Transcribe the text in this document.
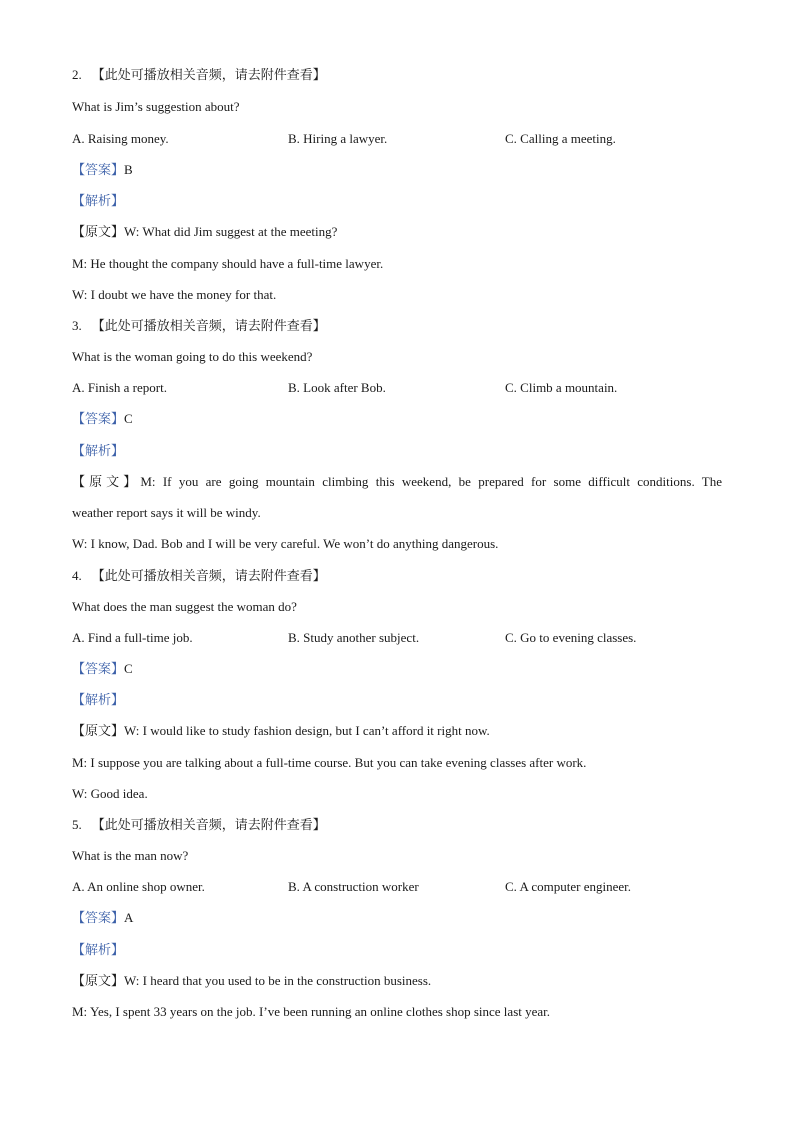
2. 【此处可播放相关音频，请去附件查看】
What is Jim’s suggestion about?
A. Raising money.	B. Hiring a lawyer.	C. Calling a meeting.
【答案】B
【解析】
【原文】W: What did Jim suggest at the meeting?
M: He thought the company should have a full-time lawyer.
W: I doubt we have the money for that.
3. 【此处可播放相关音频，请去附件查看】
What is the woman going to do this weekend?
A. Finish a report.	B. Look after Bob.	C. Climb a mountain.
【答案】C
【解析】
【原文】M: If you are going mountain climbing this weekend, be prepared for some difficult conditions. The
weather report says it will be windy.
W: I know, Dad. Bob and I will be very careful. We won’t do anything dangerous.
4. 【此处可播放相关音频，请去附件查看】
What does the man suggest the woman do?
A. Find a full-time job.	B. Study another subject.	C. Go to evening classes.
【答案】C
【解析】
【原文】W: I would like to study fashion design, but I can’t afford it right now.
M: I suppose you are talking about a full-time course. But you can take evening classes after work.
W: Good idea.
5. 【此处可播放相关音频，请去附件查看】
What is the man now?
A. An online shop owner.	B. A construction worker	C. A computer engineer.
【答案】A
【解析】
【原文】W: I heard that you used to be in the construction business.
M: Yes, I spent 33 years on the job. I’ve been running an online clothes shop since last year.
